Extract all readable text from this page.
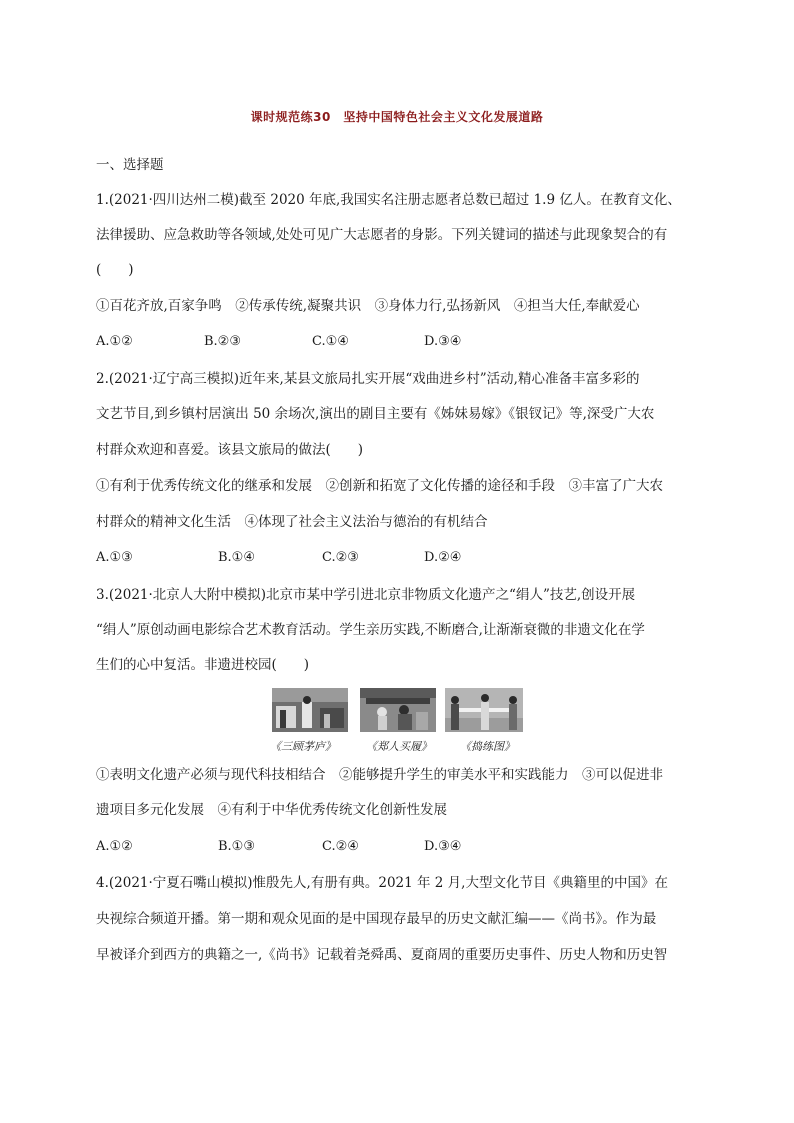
课时规范练30　坚持中国特色社会主义文化发展道路
一、选择题
1.(2021·四川达州二模)截至 2020 年底,我国实名注册志愿者总数已超过 1.9 亿人。在教育文化、
法律援助、应急救助等各领域,处处可见广大志愿者的身影。下列关键词的描述与此现象契合的有
(　　)
①百花齐放,百家争鸣　②传承传统,凝聚共识　③身体力行,弘扬新风　④担当大任,奉献爱心
A.①②	B.②③	C.①④	D.③④
2.(2021·辽宁高三模拟)近年来,某县文旅局扎实开展“戏曲进乡村”活动,精心准备丰富多彩的
文艺节目,到乡镇村居演出 50 余场次,演出的剧目主要有《姊妹易嫁》《银钗记》等,深受广大农
村群众欢迎和喜爱。该县文旅局的做法(　　)
①有利于优秀传统文化的继承和发展　②创新和拓宽了文化传播的途径和手段　③丰富了广大农
村群众的精神文化生活　④体现了社会主义法治与德治的有机结合
A.①③	B.①④	C.②③	D.②④
3.(2021·北京人大附中模拟)北京市某中学引进北京非物质文化遗产之“绢人”技艺,创设开展
“绢人”原创动画电影综合艺术教育活动。学生亲历实践,不断磨合,让渐渐衰微的非遗文化在学
生们的心中复活。非遗进校园(　　)
《三顾茅庐》	《郑人买履》	《捣练图》
①表明文化遗产必须与现代科技相结合　②能够提升学生的审美水平和实践能力　③可以促进非
遗项目多元化发展　④有利于中华优秀传统文化创新性发展
A.①②	B.①③	C.②④	D.③④
4.(2021·宁夏石嘴山模拟)惟殷先人,有册有典。2021 年 2 月,大型文化节目《典籍里的中国》在
央视综合频道开播。第一期和观众见面的是中国现存最早的历史文献汇编——《尚书》。作为最
早被译介到西方的典籍之一,《尚书》记载着尧舜禹、夏商周的重要历史事件、历史人物和历史智
